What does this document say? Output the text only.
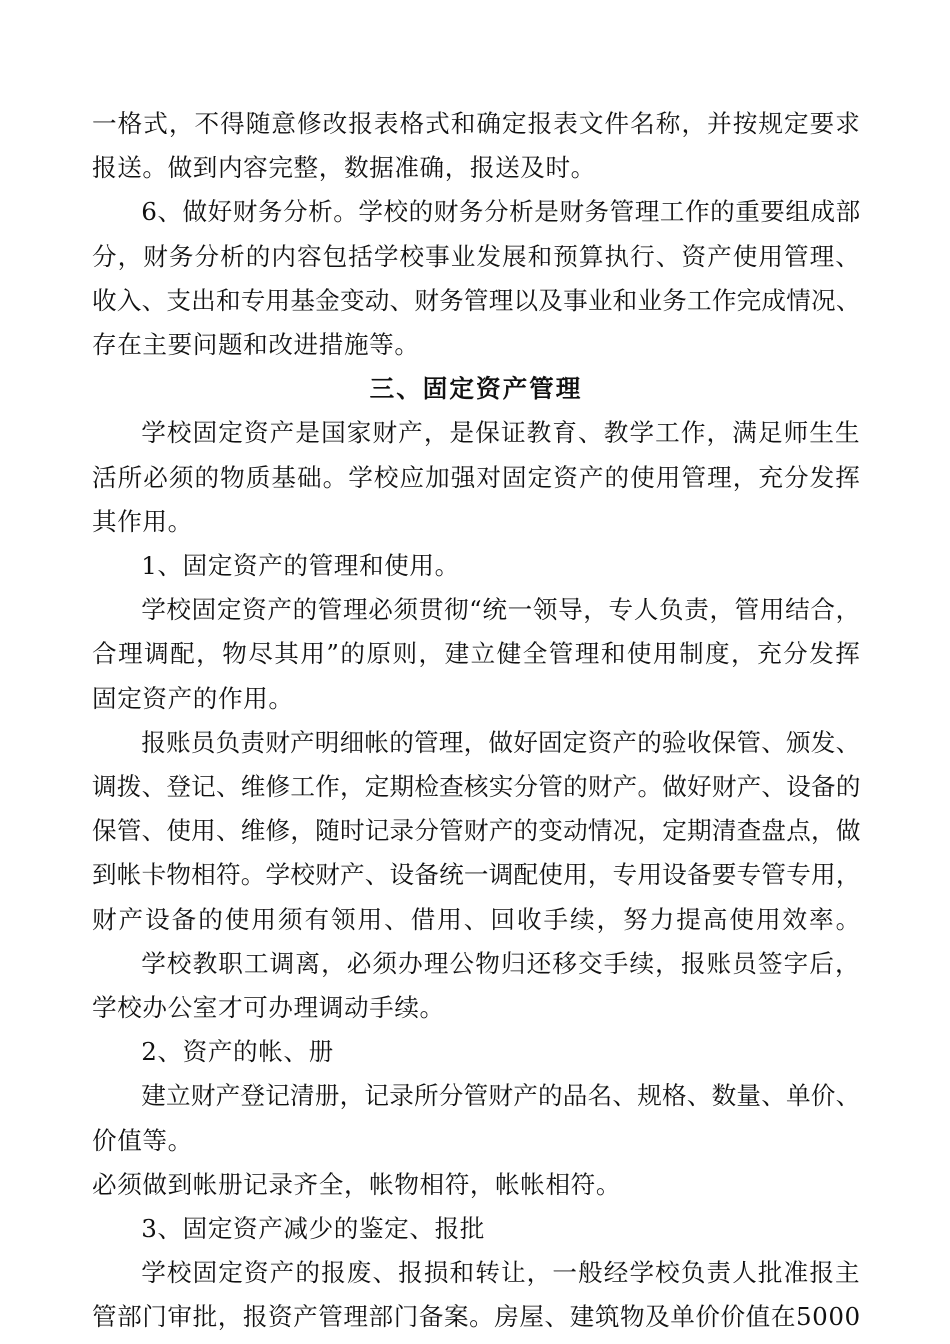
一格式，不得随意修改报表格式和确定报表文件名称，并按规定要求
报送。做到内容完整，数据准确，报送及时。
6、做好财务分析。学校的财务分析是财务管理工作的重要组成部
分，财务分析的内容包括学校事业发展和预算执行、资产使用管理、
收入、支出和专用基金变动、财务管理以及事业和业务工作完成情况、
存在主要问题和改进措施等。
三、固定资产管理
学校固定资产是国家财产，是保证教育、教学工作，满足师生生
活所必须的物质基础。学校应加强对固定资产的使用管理，充分发挥
其作用。
1、固定资产的管理和使用。
学校固定资产的管理必须贯彻“统一领导，专人负责，管用结合，
合理调配，物尽其用”的原则，建立健全管理和使用制度，充分发挥
固定资产的作用。
报账员负责财产明细帐的管理，做好固定资产的验收保管、颁发、
调拨、登记、维修工作，定期检查核实分管的财产。做好财产、设备的
保管、使用、维修，随时记录分管财产的变动情况，定期清查盘点，做
到帐卡物相符。学校财产、设备统一调配使用，专用设备要专管专用，
财产设备的使用须有领用、借用、回收手续，努力提高使用效率。
学校教职工调离，必须办理公物归还移交手续，报账员签字后，
学校办公室才可办理调动手续。
2、资产的帐、册
建立财产登记清册，记录所分管财产的品名、规格、数量、单价、
价值等。
必须做到帐册记录齐全，帐物相符，帐帐相符。
3、固定资产减少的鉴定、报批
学校固定资产的报废、报损和转让，一般经学校负责人批准报主
管部门审批，报资产管理部门备案。房屋、建筑物及单价价值在5000
